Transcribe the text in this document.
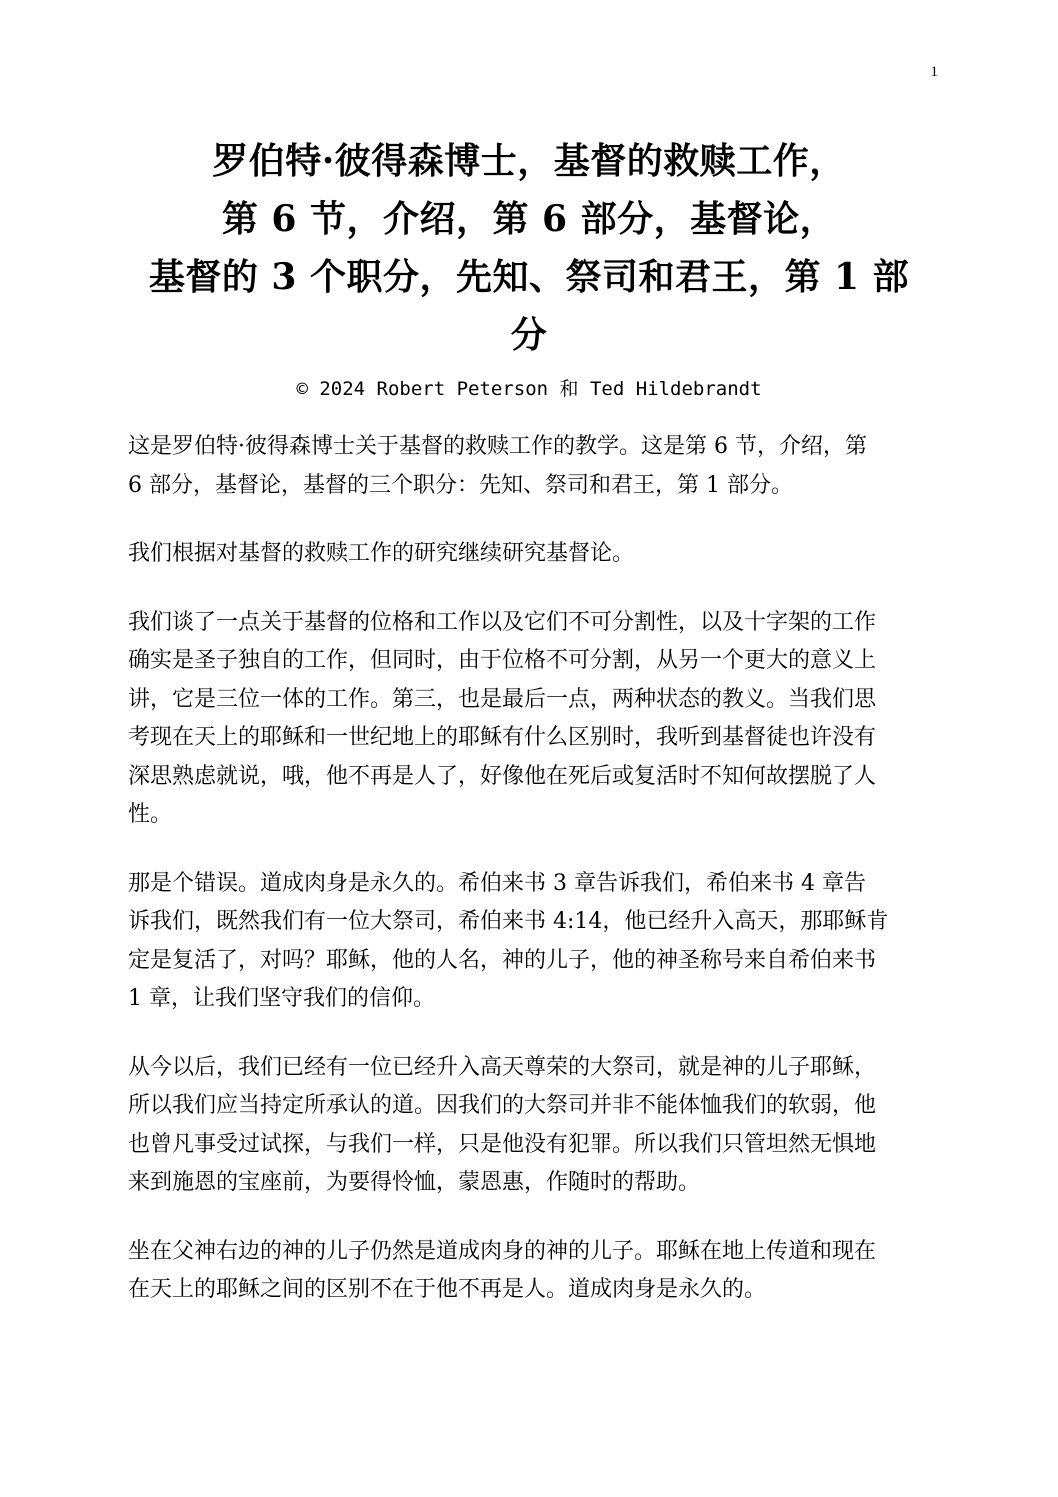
1
罗伯特·彼得森博士，基督的救赎工作，
第 6 节，介绍，第 6 部分，基督论，
基督的 3 个职分，先知、祭司和君王，第 1 部
分
© 2024 Robert Peterson 和 Ted Hildebrandt

这是罗伯特·彼得森博士关于基督的救赎工作的教学。这是第 6 节，介绍，第
6 部分，基督论，基督的三个职分：先知、祭司和君王，第 1 部分。

我们根据对基督的救赎工作的研究继续研究基督论。

我们谈了一点关于基督的位格和工作以及它们不可分割性，以及十字架的工作
确实是圣子独自的工作，但同时，由于位格不可分割，从另一个更大的意义上
讲，它是三位一体的工作。第三，也是最后一点，两种状态的教义。当我们思
考现在天上的耶稣和一世纪地上的耶稣有什么区别时，我听到基督徒也许没有
深思熟虑就说，哦，他不再是人了，好像他在死后或复活时不知何故摆脱了人
性。

那是个错误。道成肉身是永久的。希伯来书 3 章告诉我们，希伯来书 4 章告
诉我们，既然我们有一位大祭司，希伯来书 4:14，他已经升入高天，那耶稣肯
定是复活了，对吗？耶稣，他的人名，神的儿子，他的神圣称号来自希伯来书
1 章，让我们坚守我们的信仰。

从今以后，我们已经有一位已经升入高天尊荣的大祭司，就是神的儿子耶稣，
所以我们应当持定所承认的道。因我们的大祭司并非不能体恤我们的软弱，他
也曾凡事受过试探，与我们一样，只是他没有犯罪。所以我们只管坦然无惧地
来到施恩的宝座前，为要得怜恤，蒙恩惠，作随时的帮助。

坐在父神右边的神的儿子仍然是道成肉身的神的儿子。耶稣在地上传道和现在
在天上的耶稣之间的区别不在于他不再是人。道成肉身是永久的。
